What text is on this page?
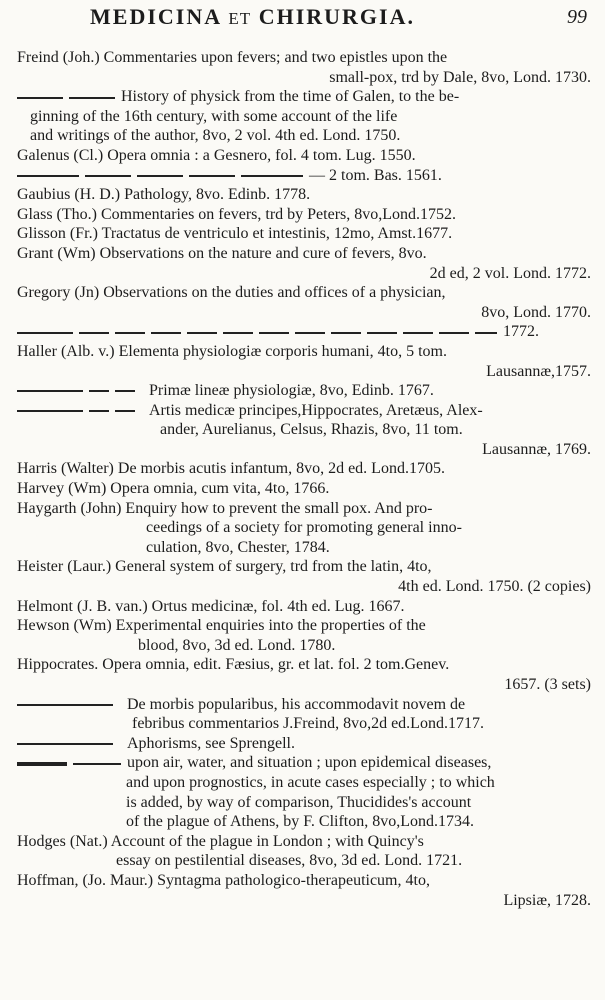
MEDICINA ET CHIRURGIA.	99
Freind (Joh.) Commentaries upon fevers; and two epistles upon the
small-pox, trd by Dale, 8vo, Lond. 1730.
History of physick from the time of Galen, to the be-
ginning of the 16th century, with some account of the life
and writings of the author, 8vo, 2 vol. 4th ed. Lond. 1750.
Galenus (Cl.) Opera omnia : a Gesnero, fol. 4 tom. Lug. 1550.
— 2 tom. Bas. 1561.
Gaubius (H. D.) Pathology, 8vo. Edinb. 1778.
Glass (Tho.) Commentaries on fevers, trd by Peters, 8vo,Lond.1752.
Glisson (Fr.) Tractatus de ventriculo et intestinis, 12mo, Amst.1677.
Grant (Wm) Observations on the nature and cure of fevers, 8vo.
2d ed, 2 vol. Lond. 1772.
Gregory (Jn) Observations on the duties and offices of a physician,
8vo, Lond. 1770.
1772.
Haller (Alb. v.) Elementa physiologiæ corporis humani, 4to, 5 tom.
Lausannæ,1757.
Primæ lineæ physiologiæ, 8vo, Edinb. 1767.
Artis medicæ principes,Hippocrates, Aretæus, Alex-
ander, Aurelianus, Celsus, Rhazis, 8vo, 11 tom.
Lausannæ, 1769.
Harris (Walter) De morbis acutis infantum, 8vo, 2d ed. Lond.1705.
Harvey (Wm) Opera omnia, cum vita, 4to, 1766.
Haygarth (John) Enquiry how to prevent the small pox. And pro-
ceedings of a society for promoting general inno-
culation, 8vo, Chester, 1784.
Heister (Laur.) General system of surgery, trd from the latin, 4to,
4th ed. Lond. 1750. (2 copies)
Helmont (J. B. van.) Ortus medicinæ, fol. 4th ed. Lug. 1667.
Hewson (Wm) Experimental enquiries into the properties of the
blood, 8vo, 3d ed. Lond. 1780.
Hippocrates. Opera omnia, edit. Fæsius, gr. et lat. fol. 2 tom.Genev.
1657. (3 sets)
De morbis popularibus, his accommodavit novem de
febribus commentarios J.Freind, 8vo,2d ed.Lond.1717.
Aphorisms, see Sprengell.
upon air, water, and situation ; upon epidemical diseases,
and upon prognostics, in acute cases especially ; to which
is added, by way of comparison, Thucidides's account
of the plague of Athens, by F. Clifton, 8vo,Lond.1734.
Hodges (Nat.) Account of the plague in London ; with Quincy's
essay on pestilential diseases, 8vo, 3d ed. Lond. 1721.
Hoffman, (Jo. Maur.) Syntagma pathologico-therapeuticum, 4to,
Lipsiæ, 1728.
